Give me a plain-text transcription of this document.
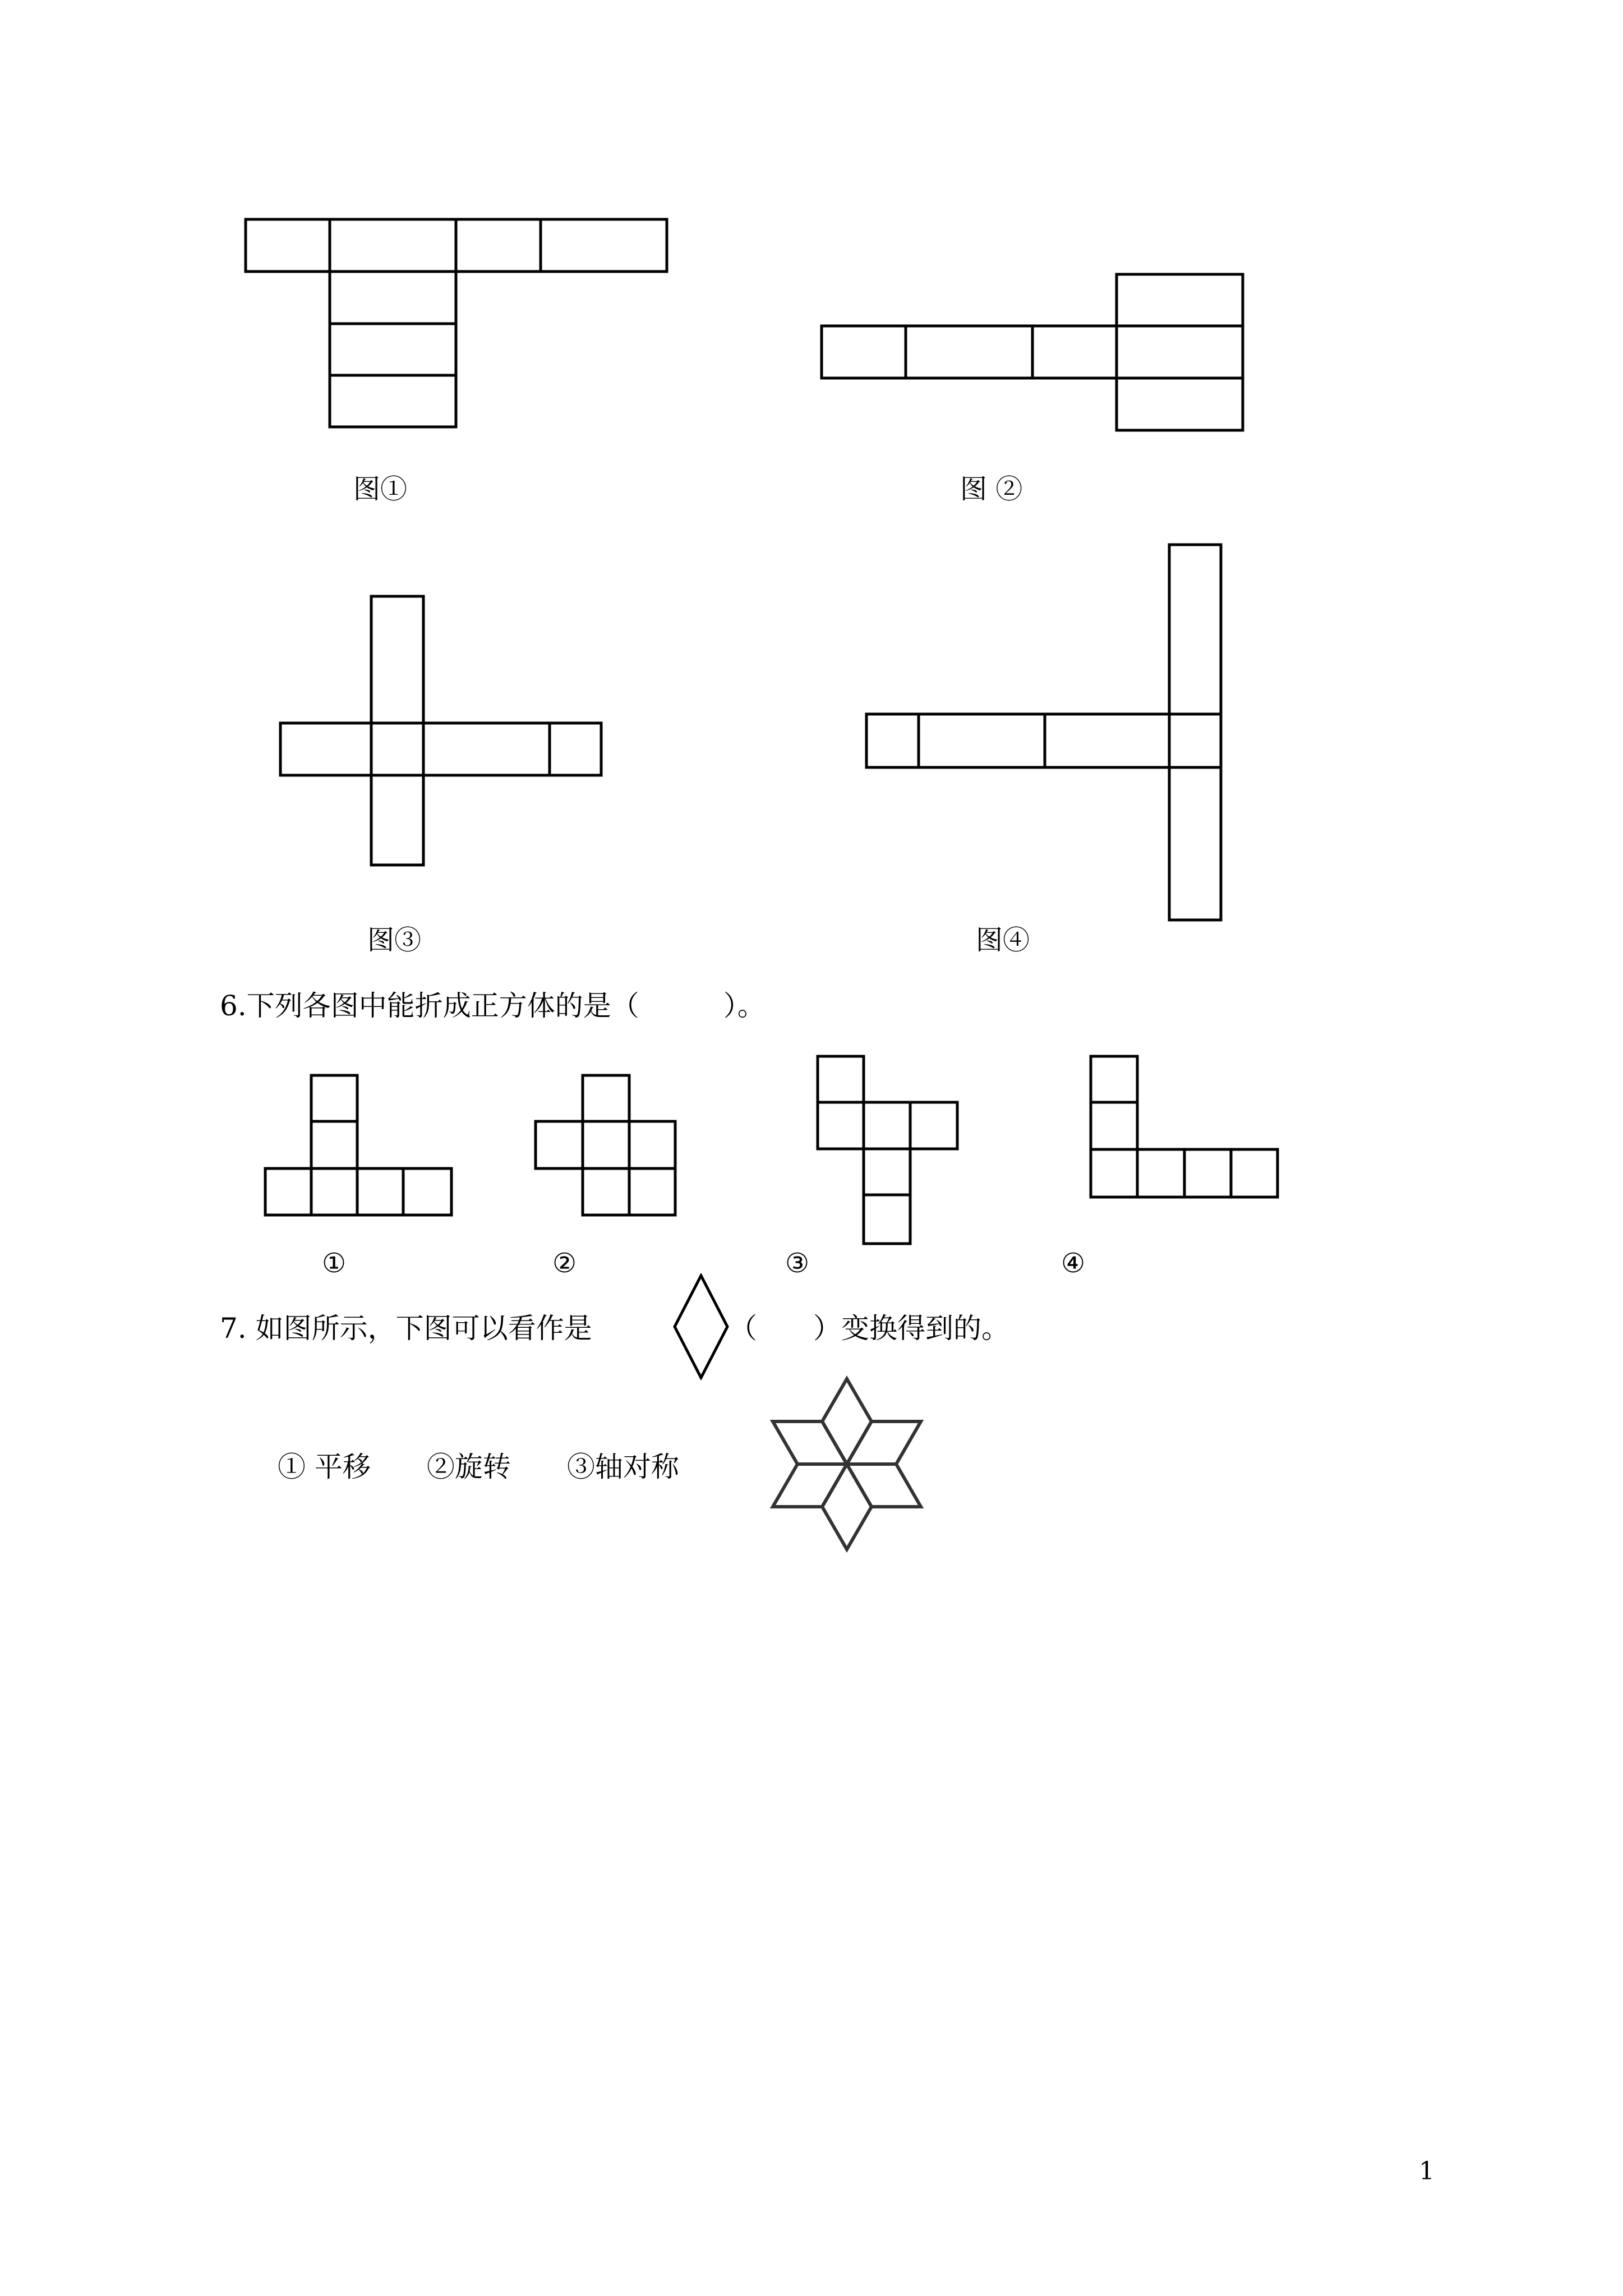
图①	图 ②
图③	图④
6.下列各图中能折成正方体的是（　　　）。
①	②	③	④
7. 如图所示，下图可以看作是	（　　）变换得到的。
① 平移　　②旋转　　③轴对称
1
